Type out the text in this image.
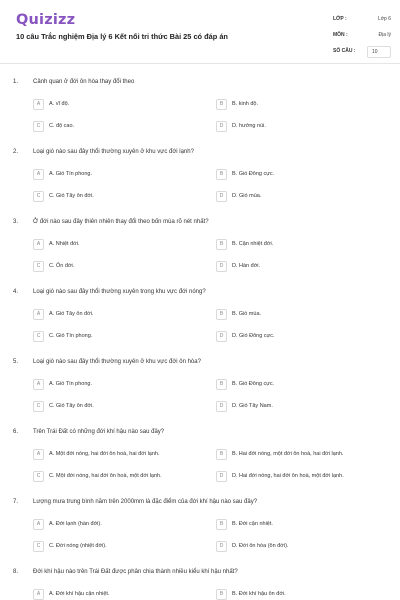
Quizizz
10 câu Trắc nghiệm Địa lý 6 Kết nối tri thức Bài 25 có đáp án
LỚP :	Lớp 6
MÔN :	Địa lý
SỐ CÂU :	10
1. Cảnh quan ở đới ôn hòa thay đổi theo
A	A. vĩ độ.	B	B. kinh độ.
C	C. độ cao.	D	D. hướng núi.
2. Loại gió nào sau đây thổi thường xuyên ở khu vực đới lạnh?
A	A. Gió Tín phong.	B	B. Gió Đông cực.
C	C. Gió Tây ôn đới.	D	D. Gió mùa.
3. Ở đới nào sau đây thiên nhiên thay đổi theo bốn mùa rõ nét nhất?
A	A. Nhiệt đới.	B	B. Cận nhiệt đới.
C	C. Ôn đới.	D	D. Hàn đới.
4. Loại gió nào sau đây thổi thường xuyên trong khu vực đới nóng?
A	A. Gió Tây ôn đới.	B	B. Gió mùa.
C	C. Gió Tín phong.	D	D. Gió Đông cực.
5. Loại gió nào sau đây thổi thường xuyên ở khu vực đới ôn hòa?
A	A. Gió Tín phong.	B	B. Gió Đông cực.
C	C. Gió Tây ôn đới.	D	D. Gió Tây Nam.
6. Trên Trái Đất có những đới khí hậu nào sau đây?
A	A. Một đới nóng, hai đới ôn hoà, hai đới lạnh.	B	B. Hai đới nóng, một đới ôn hoà, hai đới lạnh.
C	C. Một đới nóng, hai đới ôn hoà, một đới lạnh.	D	D. Hai đới nóng, hai đới ôn hoà, một đới lạnh.
7. Lượng mưa trung bình năm trên 2000mm là đặc điểm của đới khí hậu nào sau đây?
A	A. Đới lạnh (hàn đới).	B	B. Đới cận nhiệt.
C	C. Đới nóng (nhiệt đới).	D	D. Đới ôn hòa (ôn đới).
8. Đới khí hậu nào trên Trái Đất được phân chia thành nhiều kiểu khí hậu nhất?
A	A. Đới khí hậu cận nhiệt.	B	B. Đới khí hậu ôn đới.
